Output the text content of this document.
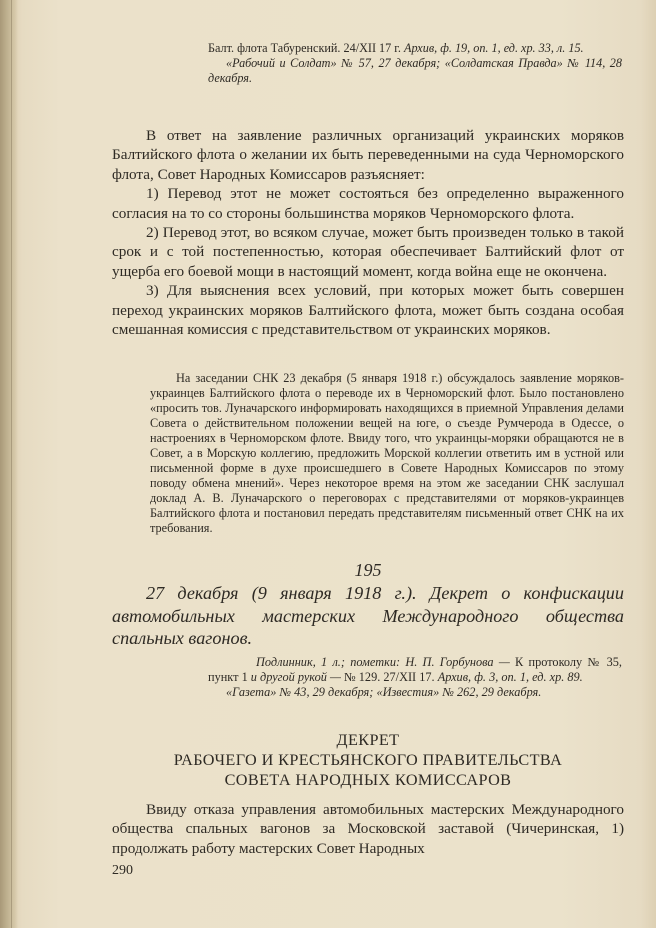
Балт. флота Табуренский. 24/XII 17 г. Архив, ф. 19, оп. 1, ед. хр. 33, л. 15.

«Рабочий и Солдат» № 57, 27 декабря; «Солдатская Правда» № 114, 28 декабря.

В ответ на заявление различных организаций украинских моряков Балтийского флота о желании их быть переведенными на суда Черноморского флота, Совет Народных Комиссаров разъясняет:

1) Перевод этот не может состояться без определенно выраженного согласия на то со стороны большинства моряков Черноморского флота.

2) Перевод этот, во всяком случае, может быть произведен только в такой срок и с той постепенностью, которая обеспечивает Балтийский флот от ущерба его боевой мощи в настоящий момент, когда война еще не окончена.

3) Для выяснения всех условий, при которых может быть совершен переход украинских моряков Балтийского флота, может быть создана особая смешанная комиссия с представительством от украинских моряков.

На заседании СНК 23 декабря (5 января 1918 г.) обсуждалось заявление моряков-украинцев Балтийского флота о переводе их в Черноморский флот. Было постановлено «просить тов. Луначарского информировать находящихся в приемной Управления делами Совета о действительном положении вещей на юге, о съезде Румчерода в Одессе, о настроениях в Черноморском флоте. Ввиду того, что украинцы-моряки обращаются не в Совет, а в Морскую коллегию, предложить Морской коллегии ответить им в устной или письменной форме в духе происшедшего в Совете Народных Комиссаров по этому поводу обмена мнений». Через некоторое время на этом же заседании СНК заслушал доклад А. В. Луначарского о переговорах с представителями от моряков-украинцев Балтийского флота и постановил передать представителям письменный ответ СНК на их требования.

195

27 декабря (9 января 1918 г.). Декрет о конфискации автомобильных мастерских Международного общества спальных вагонов.

Подлинник, 1 л.; пометки: Н. П. Горбунова — К протоколу № 35, пункт 1 и другой рукой — № 129. 27/XII 17. Архив, ф. 3, оп. 1, ед. хр. 89.

«Газета» № 43, 29 декабря; «Известия» № 262, 29 декабря.

ДЕКРЕТ
РАБОЧЕГО И КРЕСТЬЯНСКОГО ПРАВИТЕЛЬСТВА
СОВЕТА НАРОДНЫХ КОМИССАРОВ

Ввиду отказа управления автомобильных мастерских Международного общества спальных вагонов за Московской заставой (Чичеринская, 1) продолжать работу мастерских Совет Народных

290
